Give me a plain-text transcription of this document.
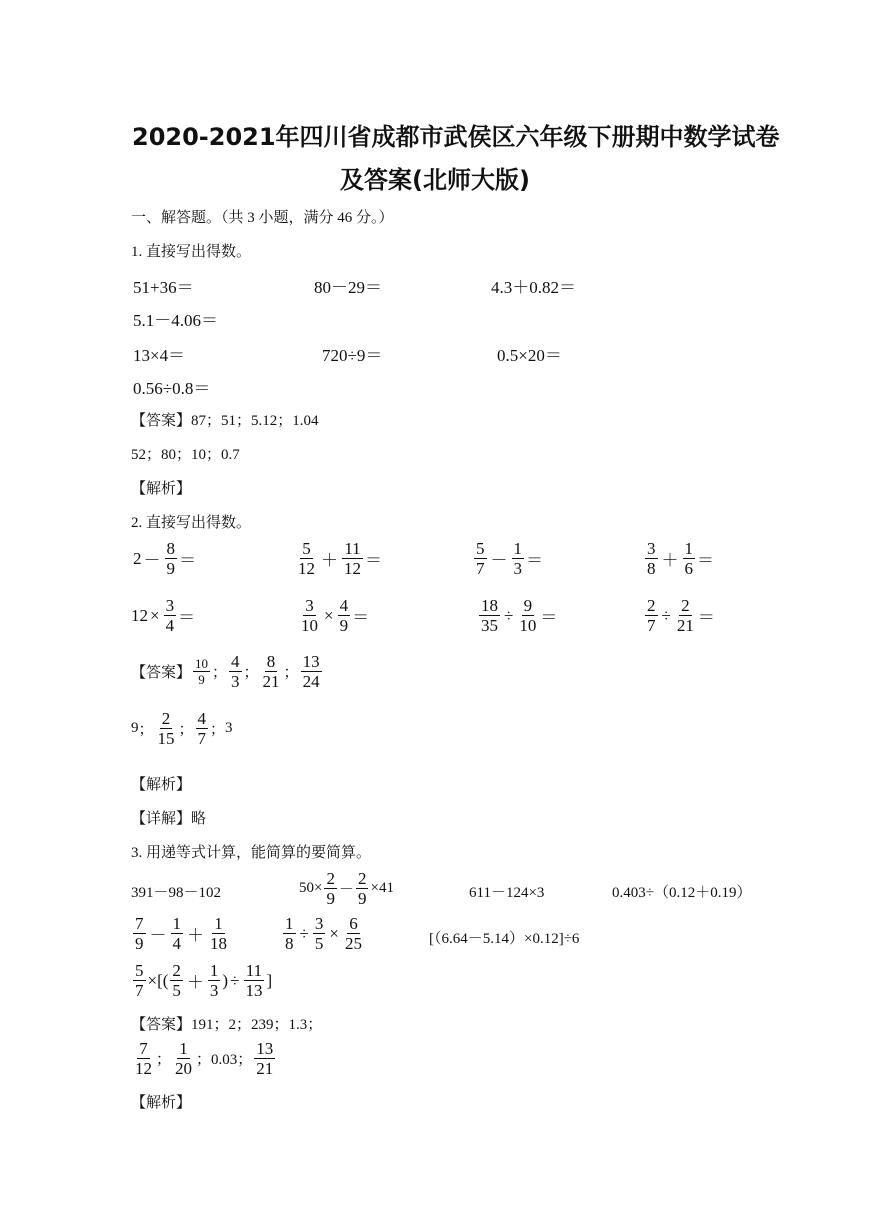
2020-2021年四川省成都市武侯区六年级下册期中数学试卷
及答案(北师大版)
一、解答题。（共 3 小题，满分 46 分。）
1. 直接写出得数。
51+36＝	80－29＝	4.3＋0.82＝
5.1－4.06＝
13×4＝	720÷9＝	0.5×20＝
0.56÷0.8＝
【答案】87；51；5.12；1.04
52；80；10；0.7
【解析】
2. 直接写出得数。
$2 - \frac{8}{9}$ ＝	$\frac{5}{12} + \frac{11}{12}$ ＝	$\frac{5}{7} - \frac{1}{3}$ ＝	$\frac{3}{8} + \frac{1}{6}$ ＝
$12 \times \frac{3}{4}$ ＝	$\frac{3}{10} \times \frac{4}{9}$ ＝	$\frac{18}{35} \div \frac{9}{10}$ ＝	$\frac{2}{7} \div \frac{2}{21}$ ＝
【答案】 $\frac{10}{9}$ ； $\frac{4}{3}$ ； $\frac{8}{21}$ ； $\frac{13}{24}$
9 ； $\frac{2}{15}$ ； $\frac{4}{7}$ ； 3
【解析】
【详解】略
3. 用递等式计算，能简算的要简算。
391－98－102	$50\times \frac{2}{9} - \frac{2}{9} \times 41$	611－124×3	0.403÷（0.12＋0.19）
$\frac{7}{9} - \frac{1}{4} + \frac{1}{18}$	$\frac{1}{8} \div \frac{3}{5} \times \frac{6}{25}$	[（6.64－5.14）×0.12]÷6
$\frac{5}{7}$ ×[( $\frac{2}{5} + \frac{1}{3}$ ) ÷ $\frac{11}{13}$ ]
【答案】191；2；239；1.3；
$\frac{7}{12}$ ； $\frac{1}{20}$ ；0.03； $\frac{13}{21}$
【解析】
